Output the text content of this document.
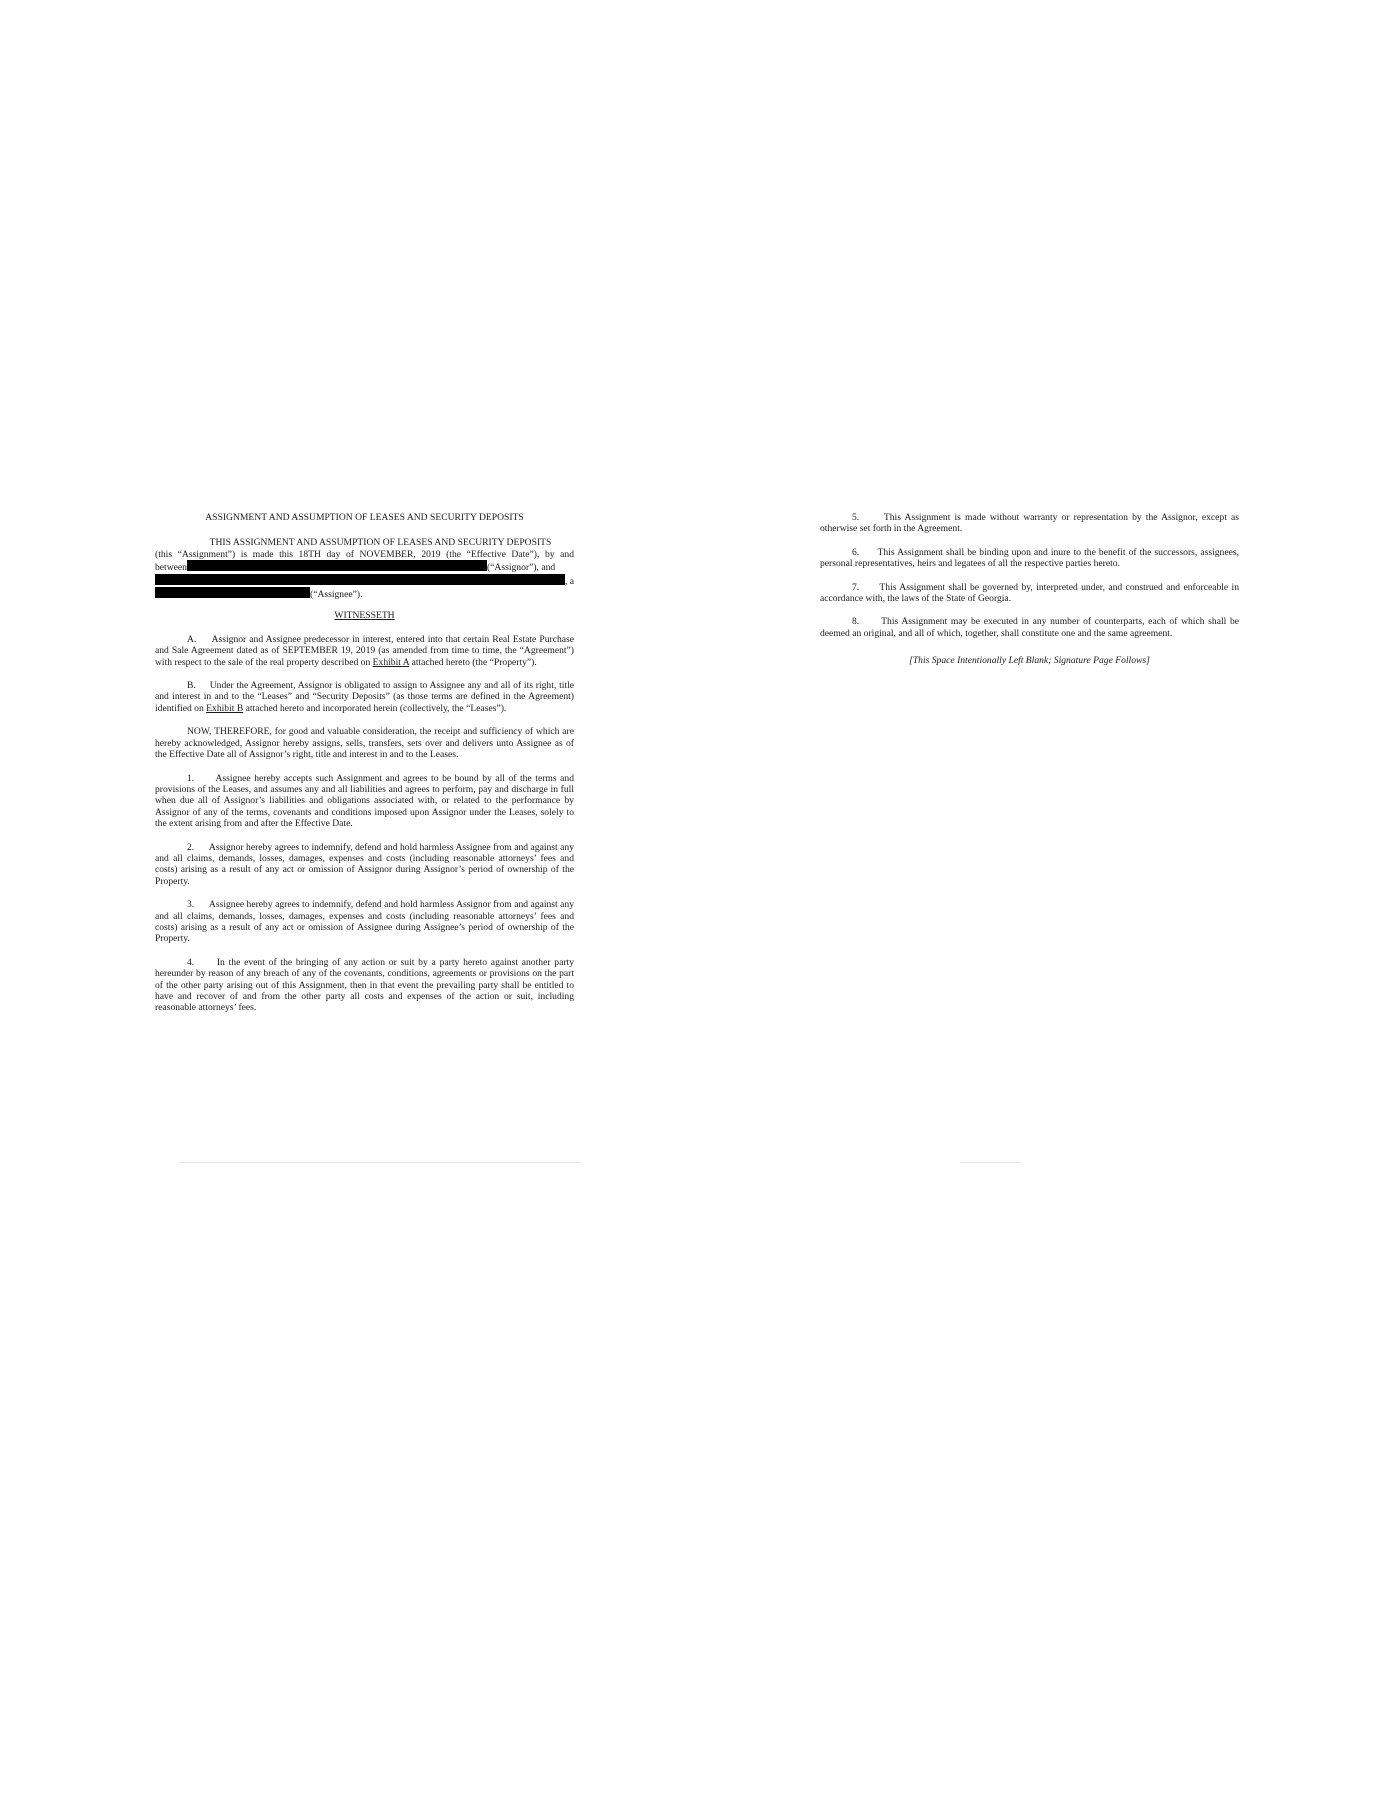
ASSIGNMENT AND ASSUMPTION OF LEASES AND SECURITY DEPOSITS
THIS ASSIGNMENT AND ASSUMPTION OF LEASES AND SECURITY DEPOSITS
(this “Assignment”) is made this 18TH day of NOVEMBER, 2019 (the “Effective Date”), by and
between	(“Assignor”), and
, a
(“Assignee”).
WITNESSETH

A. Assignor and Assignee predecessor in interest, entered into that certain Real Estate Purchase and Sale Agreement dated as of SEPTEMBER 19, 2019 (as amended from time to time, the “Agreement”) with respect to the sale of the real property described on Exhibit A attached hereto (the “Property”).

B. Under the Agreement, Assignor is obligated to assign to Assignee any and all of its right, title and interest in and to the “Leases” and “Security Deposits” (as those terms are defined in the Agreement) identified on Exhibit B attached hereto and incorporated herein (collectively, the “Leases”).

NOW, THEREFORE, for good and valuable consideration, the receipt and sufficiency of which are hereby acknowledged, Assignor hereby assigns, sells, transfers, sets over and delivers unto Assignee as of the Effective Date all of Assignor’s right, title and interest in and to the Leases.

1. Assignee hereby accepts such Assignment and agrees to be bound by all of the terms and provisions of the Leases, and assumes any and all liabilities and agrees to perform, pay and discharge in full when due all of Assignor’s liabilities and obligations associated with, or related to the performance by Assignor of any of the terms, covenants and conditions imposed upon Assignor under the Leases, solely to the extent arising from and after the Effective Date.

2. Assignor hereby agrees to indemnify, defend and hold harmless Assignee from and against any and all claims, demands, losses, damages, expenses and costs (including reasonable attorneys’ fees and costs) arising as a result of any act or omission of Assignor during Assignor’s period of ownership of the Property.

3. Assignee hereby agrees to indemnify, defend and hold harmless Assignor from and against any and all claims, demands, losses, damages, expenses and costs (including reasonable attorneys’ fees and costs) arising as a result of any act or omission of Assignee during Assignee’s period of ownership of the Property.

4. In the event of the bringing of any action or suit by a party hereto against another party hereunder by reason of any breach of any of the covenants, conditions, agreements or provisions on the part of the other party arising out of this Assignment, then in that event the prevailing party shall be entitled to have and recover of and from the other party all costs and expenses of the action or suit, including reasonable attorneys’ fees.

5.	This Assignment is made without warranty or representation by the Assignor, except as otherwise set forth in the Agreement.

6. This Assignment shall be binding upon and inure to the benefit of the successors, assignees, personal representatives, heirs and legatees of all the respective parties hereto.

7. This Assignment shall be governed by, interpreted under, and construed and enforceable in accordance with, the laws of the State of Georgia.

8. This Assignment may be executed in any number of counterparts, each of which shall be deemed an original, and all of which, together, shall constitute one and the same agreement.

[This Space Intentionally Left Blank; Signature Page Follows]
